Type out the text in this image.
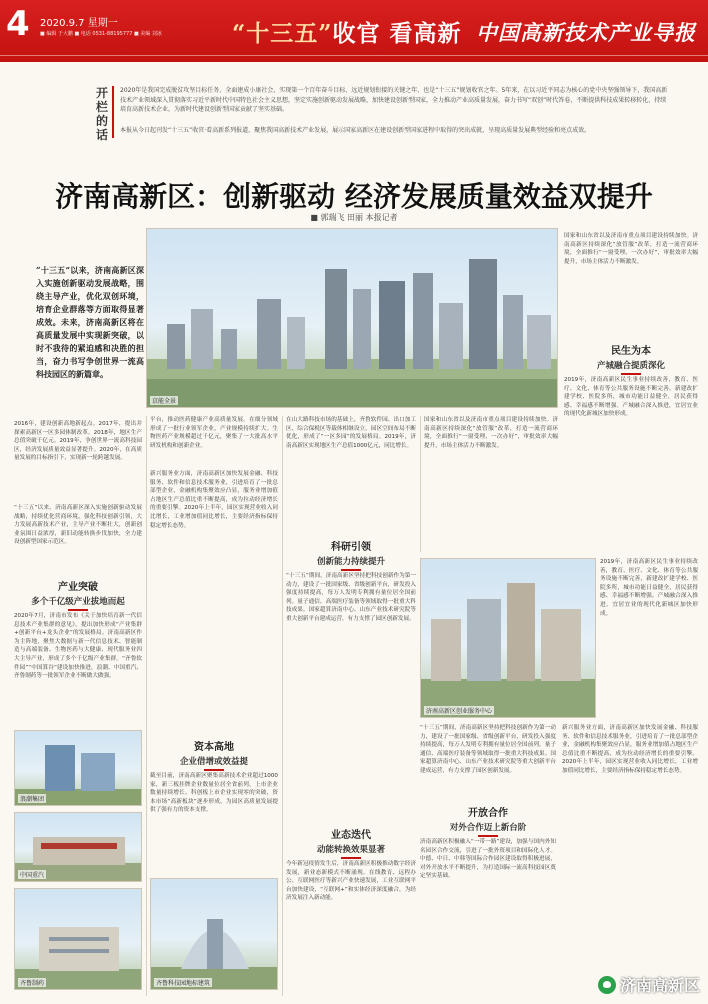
4 2020.9.7 星期一
■ 编辑 于大鹏 ■ 电话 0531-88195777 ■ 美编 刘冰	“十三五”收官 看高新 中国高新技术产业导报
开
栏
的
话

2020年是我国完成脱贫攻坚目标任务、全面建成小康社会、实现第一个百年奋斗目标、远近规划衔接的关键之年，也是“十三五”规划收官之年。5年来，在以习近平同志为核心的党中央坚强领导下，我国高新技术产业领域深入贯彻落实习近平新时代中国特色社会主义思想，坚定实施创新驱动发展战略，加快建设创新型国家，全力推动产业高质量发展，奋力书写“双创”时代答卷，不断提供科技成果转移转化，持续培育高新技术企业，为新时代建设创新型国家贡献了坚实基础。

本报从今日起刊发“十三五”收官·看高新系列报道，聚焦我国高新技术产业发展，展示国家高新区在建设创新型国家进程中取得的突出成就，呈现高质量发展典型经验和亮点成效。

济南高新区：创新驱动 经济发展质量效益双提升
■ 郭瑞飞 田丽 本报记者
京能全景
“十三五”以来，济南高新区深入实施创新驱动发展战略，围绕主导产业，优化双创环境，培育企业群落等方面取得显著成效。未来，济南高新区将在高质量发展中实现新突破，以时不我待的紧迫感和决胜的担当，奋力书写争创世界一流高科技园区的新篇章。
2016年，建设创新高地新起点。2017年，提出并探索高新区一区多园体制改革。2018年，地区生产总值突破千亿元。2019年，争创世界一流高科技园区，经济发展质量效益显著提升。2020年，在高质量发展的目标指引下，实现新一轮跨越发展。
“十三五”以来，济南高新区深入实施创新驱动发展战略，持续优化营商环境，强化科技创新引领，大力发展高新技术产业，主导产业不断壮大，创新创业氛围日益浓厚，新旧动能转换步伐加快，全力建设创新型国家示范区。
产业突破
多个千亿级产业拔地而起
2020年7月，济南市发布《关于加快培育新一代信息技术产业集群的意见》，提出加快形成“产业集群+创新平台+龙头企业”的发展格局。济南高新区作为主阵地，聚焦大数据与新一代信息技术、智能制造与高端装备、生物医药与大健康、现代服务业四大主导产业，形成了多个千亿级产业集群。“齐鲁软件园”“中国算谷”建设加快推进，浪潮、中国重汽、齐鲁制药等一批领军企业不断做大做强。
浪潮集团
中国重汽
齐鲁制药
平台，推动医药健康产业高质量发展。在细分领域形成了一批行业领军企业，产业规模持续扩大。生物医药产业规模超过千亿元，聚集了一大批高水平研发机构和创新企业。
新兴服务业方面，济南高新区加快发展金融、科技服务、软件和信息技术服务业，引进培育了一批总部型企业，金融机构集聚效应凸显，服务业增加值占地区生产总值比重不断提高，成为拉动经济增长的重要引擎。2020年上半年，园区实现营业收入同比增长，工业增加值同比增长，主要经济指标保持稳定增长态势。
资本高地
企业借增或效益提
截至目前，济南高新区聚集高新技术企业超过1000家，新三板挂牌企业数量位居全省前列，上市企业数量持续增长。科创板上市企业实现零的突破，资本市场“高新板块”逐步形成，为园区高质量发展提供了强有力的资本支撑。
齐鲁科技园地标建筑
在山大路科技市场的基础上，齐鲁软件园、出口加工区、综合保税区等载体相继设立，园区空间布局不断优化，形成了“一区多园”的发展格局。2019年，济南高新区实现地区生产总值1000亿元，同比增长。
科研引领
创新能力持续提升
“十三五”期间，济南高新区坚持把科技创新作为第一动力，建设了一批国家级、省级创新平台，研发投入强度持续提高，每万人发明专利拥有量位居全国前列。量子通信、高端医疗装备等领域取得一批重大科技成果。国家超算济南中心、山东产业技术研究院等重大创新平台建成运营，有力支撑了园区创新发展。
业态迭代
动能转换效果显著
今年新冠疫情发生后，济南高新区积极推动数字经济发展，新业态新模式不断涌现。在线教育、远程办公、互联网医疗等新兴产业快速发展，工业互联网平台加快建设，“互联网+”和实体经济深度融合，为经济发展注入新动能。
济南高新区创业服务中心
国家和山东省以及济南市重点项目建设持续加快。济南高新区持续深化“放管服”改革，打造一流营商环境，全面推行“一窗受理、一次办好”，审批效率大幅提升，市场主体活力不断激发。
国家和山东省以及济南市重点项目建设持续加快。济南高新区持续深化“放管服”改革，打造一流营商环境，全面推行“一窗受理、一次办好”，审批效率大幅提升，市场主体活力不断激发。
民生为本
产城融合提质深化
2019年，济南高新区民生事业持续改善，教育、医疗、文化、体育等公共服务设施不断完善，新建改扩建学校、医院多所，城市功能日益健全，居民获得感、幸福感不断增强。产城融合深入推进，宜居宜业的现代化新城区加快形成。
2019年，济南高新区民生事业持续改善，教育、医疗、文化、体育等公共服务设施不断完善，新建改扩建学校、医院多所，城市功能日益健全，居民获得感、幸福感不断增强。产城融合深入推进，宜居宜业的现代化新城区加快形成。
“十三五”期间，济南高新区坚持把科技创新作为第一动力，建设了一批国家级、省级创新平台，研发投入强度持续提高，每万人发明专利拥有量位居全国前列。量子通信、高端医疗装备等领域取得一批重大科技成果。国家超算济南中心、山东产业技术研究院等重大创新平台建成运营，有力支撑了园区创新发展。
开放合作
对外合作迈上新台阶
济南高新区积极融入“一带一路”建设，加强与国内外知名园区合作交流，引进了一批外资项目和国际化人才。中德、中日、中韩等国际合作园区建设取得积极进展，对外开放水平不断提升，为打造国际一流高科技园区奠定坚实基础。
新兴服务业方面，济南高新区加快发展金融、科技服务、软件和信息技术服务业，引进培育了一批总部型企业，金融机构集聚效应凸显，服务业增加值占地区生产总值比重不断提高，成为拉动经济增长的重要引擎。2020年上半年，园区实现营业收入同比增长，工业增加值同比增长，主要经济指标保持稳定增长态势。
济南高新区
